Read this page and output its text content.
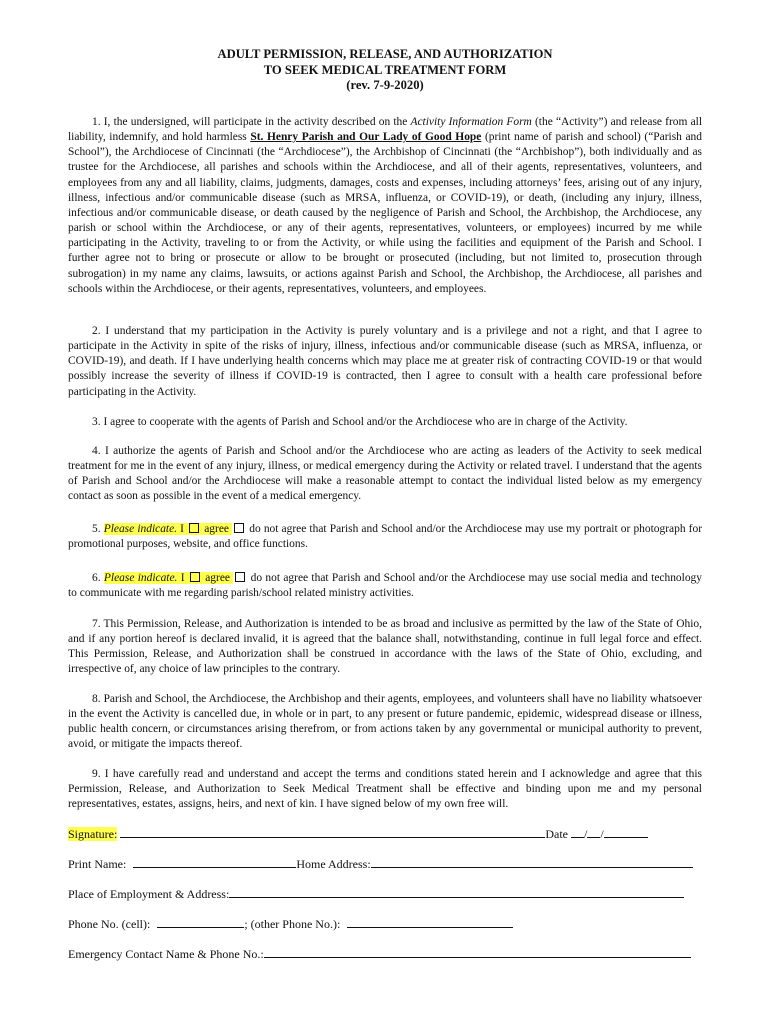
ADULT PERMISSION, RELEASE, AND AUTHORIZATION
TO SEEK MEDICAL TREATMENT FORM
(rev. 7-9-2020)
1. I, the undersigned, will participate in the activity described on the Activity Information Form (the “Activity”) and release from all liability, indemnify, and hold harmless St. Henry Parish and Our Lady of Good Hope (print name of parish and school) (“Parish and School”), the Archdiocese of Cincinnati (the “Archdiocese”), the Archbishop of Cincinnati (the “Archbishop”), both individually and as trustee for the Archdiocese, all parishes and schools within the Archdiocese, and all of their agents, representatives, volunteers, and employees from any and all liability, claims, judgments, damages, costs and expenses, including attorneys’ fees, arising out of any injury, illness, infectious and/or communicable disease (such as MRSA, influenza, or COVID-19), or death, (including any injury, illness, infectious and/or communicable disease, or death caused by the negligence of Parish and School, the Archbishop, the Archdiocese, any parish or school within the Archdiocese, or any of their agents, representatives, volunteers, or employees) incurred by me while participating in the Activity, traveling to or from the Activity, or while using the facilities and equipment of the Parish and School. I further agree not to bring or prosecute or allow to be brought or prosecuted (including, but not limited to, prosecution through subrogation) in my name any claims, lawsuits, or actions against Parish and School, the Archbishop, the Archdiocese, all parishes and schools within the Archdiocese, or their agents, representatives, volunteers, and employees.
2. I understand that my participation in the Activity is purely voluntary and is a privilege and not a right, and that I agree to participate in the Activity in spite of the risks of injury, illness, infectious and/or communicable disease (such as MRSA, influenza, or COVID-19), and death. If I have underlying health concerns which may place me at greater risk of contracting COVID-19 or that would possibly increase the severity of illness if COVID-19 is contracted, then I agree to consult with a health care professional before participating in the Activity.
3. I agree to cooperate with the agents of Parish and School and/or the Archdiocese who are in charge of the Activity.
4. I authorize the agents of Parish and School and/or the Archdiocese who are acting as leaders of the Activity to seek medical treatment for me in the event of any injury, illness, or medical emergency during the Activity or related travel. I understand that the agents of Parish and School and/or the Archdiocese will make a reasonable attempt to contact the individual listed below as my emergency contact as soon as possible in the event of a medical emergency.
5. Please indicate. I  agree  do not agree that Parish and School and/or the Archdiocese may use my portrait or photograph for promotional purposes, website, and office functions.
6. Please indicate. I  agree  do not agree that Parish and School and/or the Archdiocese may use social media and technology to communicate with me regarding parish/school related ministry activities.
7. This Permission, Release, and Authorization is intended to be as broad and inclusive as permitted by the law of the State of Ohio, and if any portion hereof is declared invalid, it is agreed that the balance shall, notwithstanding, continue in full legal force and effect. This Permission, Release, and Authorization shall be construed in accordance with the laws of the State of Ohio, excluding, and irrespective of, any choice of law principles to the contrary.
8. Parish and School, the Archdiocese, the Archbishop and their agents, employees, and volunteers shall have no liability whatsoever in the event the Activity is cancelled due, in whole or in part, to any present or future pandemic, epidemic, widespread disease or illness, public health concern, or circumstances arising therefrom, or from actions taken by any governmental or municipal authority to prevent, avoid, or mitigate the impacts thereof.
9. I have carefully read and understand and accept the terms and conditions stated herein and I acknowledge and agree that this Permission, Release, and Authorization to Seek Medical Treatment shall be effective and binding upon me and my personal representatives, estates, assigns, heirs, and next of kin. I have signed below of my own free will.
Signature:	Date / /
Print Name:	Home Address:
Place of Employment & Address:
Phone No. (cell):	; (other Phone No.):
Emergency Contact Name & Phone No.:
